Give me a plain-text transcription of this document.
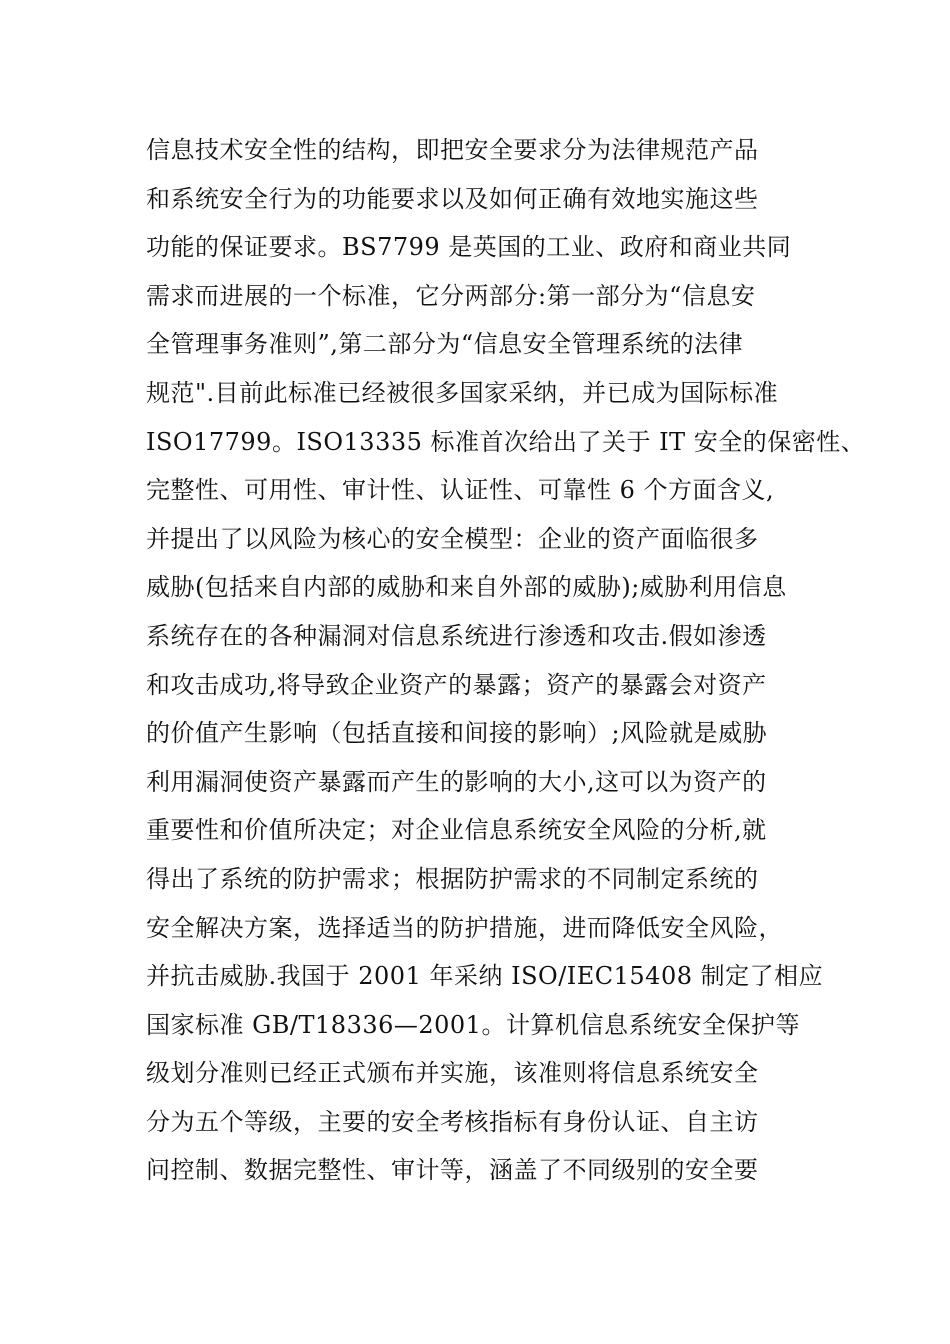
信息技术安全性的结构，即把安全要求分为法律规范产品
和系统安全行为的功能要求以及如何正确有效地实施这些
功能的保证要求。BS7799 是英国的工业、政府和商业共同
需求而进展的一个标准，它分两部分:第一部分为“信息安
全管理事务准则”,第二部分为“信息安全管理系统的法律
规范".目前此标准已经被很多国家采纳，并已成为国际标准
ISO17799。ISO13335 标准首次给出了关于 IT 安全的保密性、
完整性、可用性、审计性、认证性、可靠性 6 个方面含义,
并提出了以风险为核心的安全模型：企业的资产面临很多
威胁(包括来自内部的威胁和来自外部的威胁);威胁利用信息
系统存在的各种漏洞对信息系统进行渗透和攻击.假如渗透
和攻击成功,将导致企业资产的暴露；资产的暴露会对资产
的价值产生影响（包括直接和间接的影响）;风险就是威胁
利用漏洞使资产暴露而产生的影响的大小,这可以为资产的
重要性和价值所决定；对企业信息系统安全风险的分析,就
得出了系统的防护需求；根据防护需求的不同制定系统的
安全解决方案，选择适当的防护措施，进而降低安全风险，
并抗击威胁.我国于 2001 年采纳 ISO/IEC15408 制定了相应
国家标准 GB/T18336—2001。计算机信息系统安全保护等
级划分准则已经正式颁布并实施，该准则将信息系统安全
分为五个等级，主要的安全考核指标有身份认证、自主访
问控制、数据完整性、审计等，涵盖了不同级别的安全要
